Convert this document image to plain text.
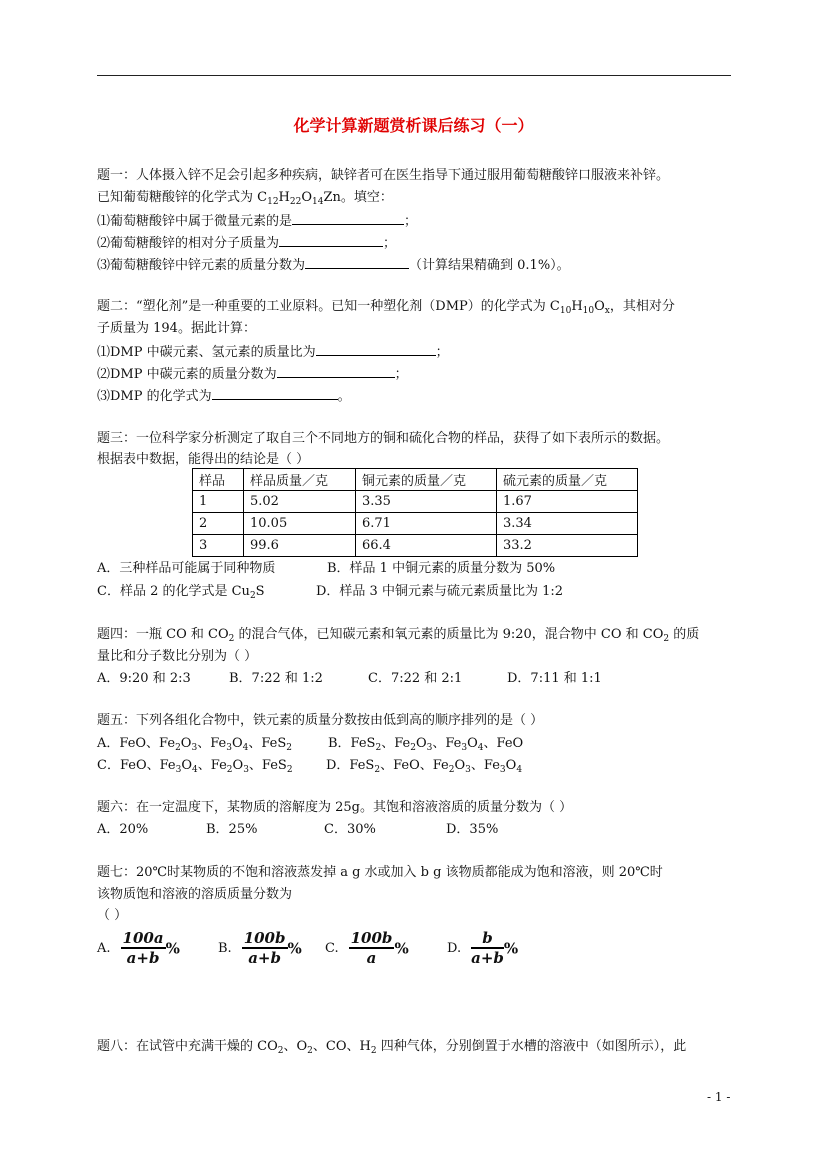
化学计算新题赏析课后练习（一）
题一：人体摄入锌不足会引起多种疾病，缺锌者可在医生指导下通过服用葡萄糖酸锌口服液来补锌。
已知葡萄糖酸锌的化学式为 $C_{12}H_{22}O_{14}Zn$。填空：
⑴葡萄糖酸锌中属于微量元素的是	；
⑵葡萄糖酸锌的相对分子质量为	；
⑶葡萄糖酸锌中锌元素的质量分数为	（计算结果精确到 0.1%）。
题二：“塑化剂”是一种重要的工业原料。已知一种塑化剂（DMP）的化学式为 $C_{10}H_{10}O_x$，其相对分
子质量为 194。据此计算：
⑴DMP 中碳元素、氢元素的质量比为	；
⑵DMP 中碳元素的质量分数为	；
⑶DMP 的化学式为	。
题三：一位科学家分析测定了取自三个不同地方的铜和硫化合物的样品，获得了如下表所示的数据。
根据表中数据，能得出的结论是（ ）
样品	样品质量／克	铜元素的质量／克	硫元素的质量／克
1	5.02	3.35	1.67
2	10.05	6.71	3.34
3	99.6	66.4	33.2
A．三种样品可能属于同种物质	B．样品 1 中铜元素的质量分数为 50%
C．样品 2 的化学式是 $Cu_2S$	D．样品 3 中铜元素与硫元素质量比为 1:2
题四：一瓶 CO 和 $CO_2$ 的混合气体，已知碳元素和氧元素的质量比为 9:20，混合物中 CO 和 $CO_2$ 的质
量比和分子数比分别为（ ）
A．9:20 和 2:3	B．7:22 和 1:2	C．7:22 和 2:1	D．7:11 和 1:1
题五：下列各组化合物中，铁元素的质量分数按由低到高的顺序排列的是（ ）
A．FeO、$Fe_2O_3$、$Fe_3O_4$、FeS$_2$	B．FeS$_2$、$Fe_2O_3$、$Fe_3O_4$、FeO
C．FeO、$Fe_3O_4$、$Fe_2O_3$、FeS$_2$	D．FeS$_2$、FeO、$Fe_2O_3$、$Fe_3O_4$
题六：在一定温度下，某物质的溶解度为 25g。其饱和溶液溶质的质量分数为（ ）
A．20%	B．25%	C．30%	D．35%
题七：20℃时某物质的不饱和溶液蒸发掉 a g 水或加入 b g 该物质都能成为饱和溶液，则 20℃时
该物质饱和溶液的溶质质量分数为
（ ）
A. $\frac{100a}{a+b}$ %	B. $\frac{100b}{a+b}$ % C. $\frac{100b}{a}$ %	D. $\frac{b}{a+b}$ %
题八：在试管中充满干燥的 $CO_2$、$O_2$、CO、$H_2$ 四种气体，分别倒置于水槽的溶液中（如图所示），此
- 1 -
